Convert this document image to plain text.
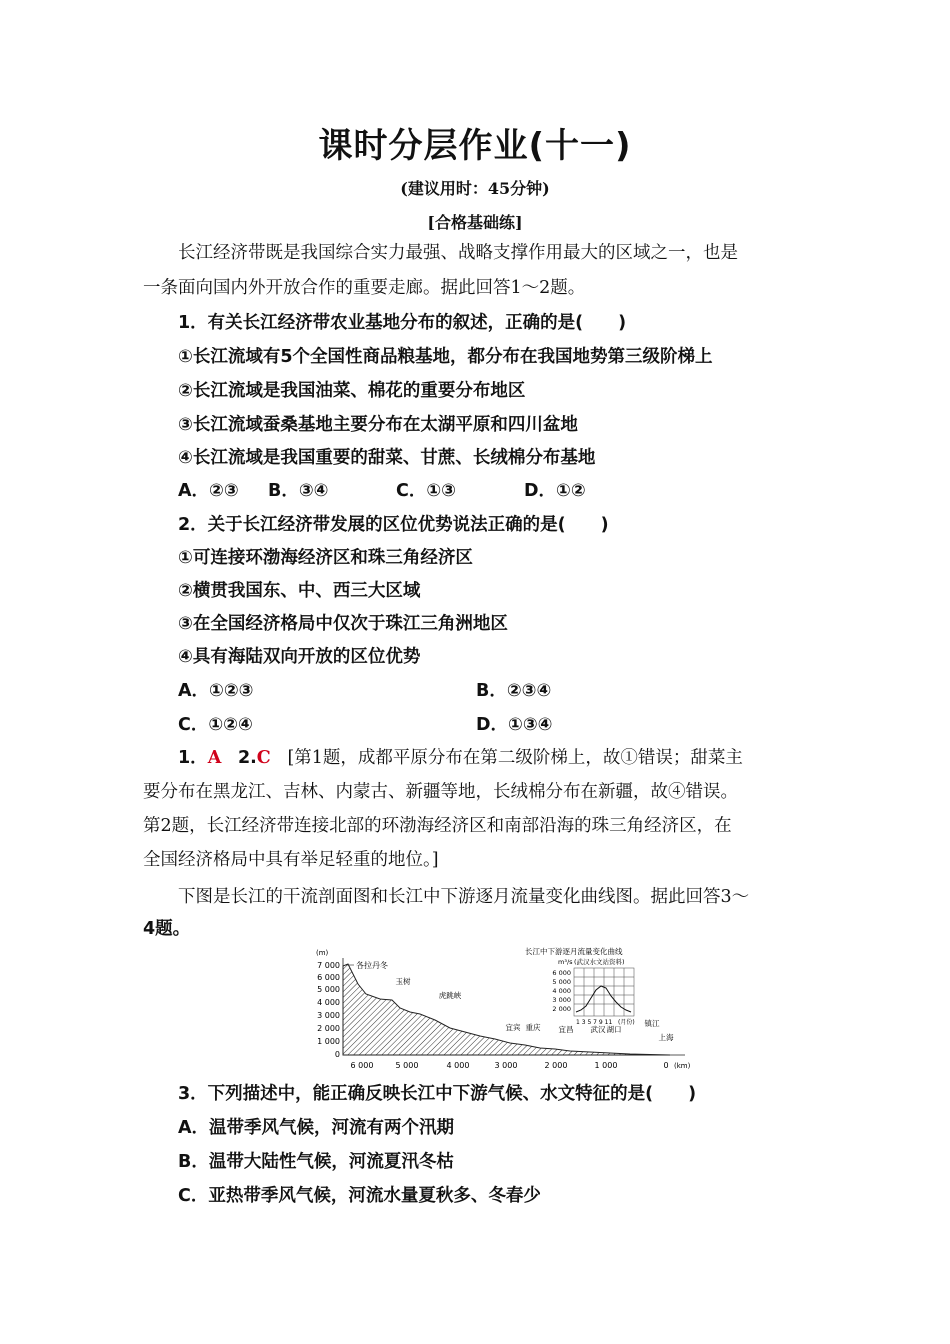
课时分层作业(十一)
(建议用时：45分钟)
[合格基础练]
长江经济带既是我国综合实力最强、战略支撑作用最大的区域之一，也是
一条面向国内外开放合作的重要走廊。据此回答1～2题。
1．有关长江经济带农业基地分布的叙述，正确的是(　　)
①长江流域有5个全国性商品粮基地，都分布在我国地势第三级阶梯上
②长江流域是我国油菜、棉花的重要分布地区
③长江流域蚕桑基地主要分布在太湖平原和四川盆地
④长江流域是我国重要的甜菜、甘蔗、长绒棉分布基地
A．②③ B．③④	C．①③	D．①②
2．关于长江经济带发展的区位优势说法正确的是(　　)
①可连接环渤海经济区和珠三角经济区
②横贯我国东、中、西三大区域
③在全国经济格局中仅次于珠江三角洲地区
④具有海陆双向开放的区位优势
A．①②③	B．②③④
C．①②④	D．①③④
1．A 2.C [第1题，成都平原分布在第二级阶梯上，故①错误；甜菜主
要分布在黑龙江、吉林、内蒙古、新疆等地，长绒棉分布在新疆，故④错误。
第2题，长江经济带连接北部的环渤海经济区和南部沿海的珠三角经济区，在
全国经济格局中具有举足轻重的地位。]
下图是长江的干流剖面图和长江中下游逐月流量变化曲线图。据此回答3～
4题。
(m)
7 000
6 000
5 000
4 000
3 000
2 000
1 000
0
6 000	5 000	4 000	3 000	2 000	1 000	0 (km)
各拉丹冬
玉树
虎跳峡
宜宾 重庆 宜昌 武汉 湖口
镇江
上海
长江中下游逐月流量变化曲线
m³/s (武汉水文站资料)
6 000
5 000
4 000
3 000
2 000
1 3 5 7 9 11 (月份)
3．下列描述中，能正确反映长江中下游气候、水文特征的是(　　)
A．温带季风气候，河流有两个汛期
B．温带大陆性气候，河流夏汛冬枯
C．亚热带季风气候，河流水量夏秋多、冬春少
